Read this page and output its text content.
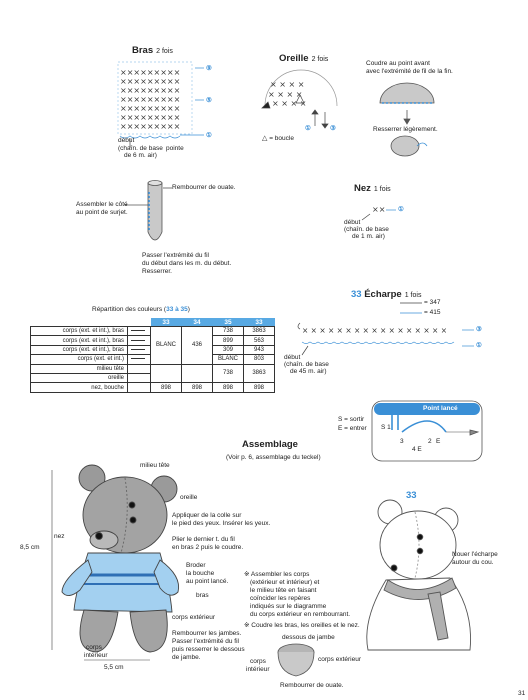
×××××××××
×××××××××
×××××××××
×××××××××
×××××××××
×××××××××
×××××××××
× × × ×
× × × ×
× × × ×
××
× × × × × × × × × × × × × × × × ×
Bras 2 fois
⑨
⑤
①
début
(chaîn. de base pointe
de 6 m. air)
Assembler le côté
au point de surjet.
Rembourrer de ouate.
Passer l'extrémité du fil
du début dans les m. du début.
Resserrer.
Oreille 2 fois
Coudre au point avant
avec l'extrémité de fil de la fin.
Resserrer légèrement.
△ = boucle
①	③
Nez 1 fois
①
début
(chaîn. de base
de 1 m. air)
33 Écharpe 1 fois
= 347
= 415
③
①
début
(chaîn. de base
de 45 m. air)
Répartition des couleurs (33 à 35)
		33	34	35	33
corps (ext. et int.), bras		BLANC	436	738	3863
corps (ext. et int.), bras				899	563
corps (ext. et int.), bras				309	943
corps (ext. et int.)				BLANC	803
milieu tête				738	3863
oreille					
nez, bouche		898	898	898	898
Point lancé
S = sortir
E = entrer S 1
3	2 E
4 E
Assemblage
(Voir p. 6, assemblage du teckel)
milieu tête
oreille
Appliquer de la colle sur
le pied des yeux. Insérer les yeux.
nez	Plier le dernier t. du fil
en bras 2 puis le coudre.
8,5 cm
Broder
la bouche
au point lancé.
bras
corps extérieur
Rembourrer les jambes.
Passer l'extrémité du fil
puis resserrer le dessous
de jambe.
corps
intérieur
5,5 cm
※ Assembler les corps
(extérieur et intérieur) et
le milieu tête en faisant
coïncider les repères
indiqués sur le diagramme
du corps extérieur en rembourrant.
※ Coudre les bras, les oreilles et le nez.
dessous de jambe
corps extérieur
corps
intérieur
Rembourrer de ouate.
33
Nouer l'écharpe
autour du cou.
31
